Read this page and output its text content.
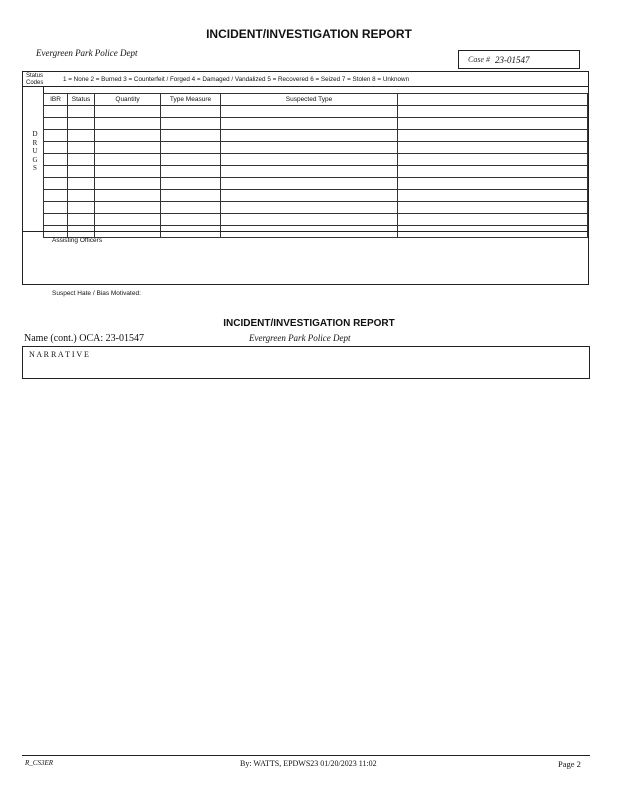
INCIDENT/INVESTIGATION REPORT
Evergreen Park Police Dept
Case # 23-01547
Status Codes	1 = None 2 = Burned 3 = Counterfeit / Forged 4 = Damaged / Vandalized 5 = Recovered 6 = Seized 7 = Stolen 8 = Unknown
D
R
U
G
S
IBR	Status	Quantity	Type Measure	Suspected Type	

Assisting Officers
Suspect Hate / Bias Motivated:
INCIDENT/INVESTIGATION REPORT
Name (cont.) OCA: 23-01547	Evergreen Park Police Dept
N A R R A T I V E
R_CS3ER	By: WATTS, EPDWS23 01/20/2023 11:02	Page 2
